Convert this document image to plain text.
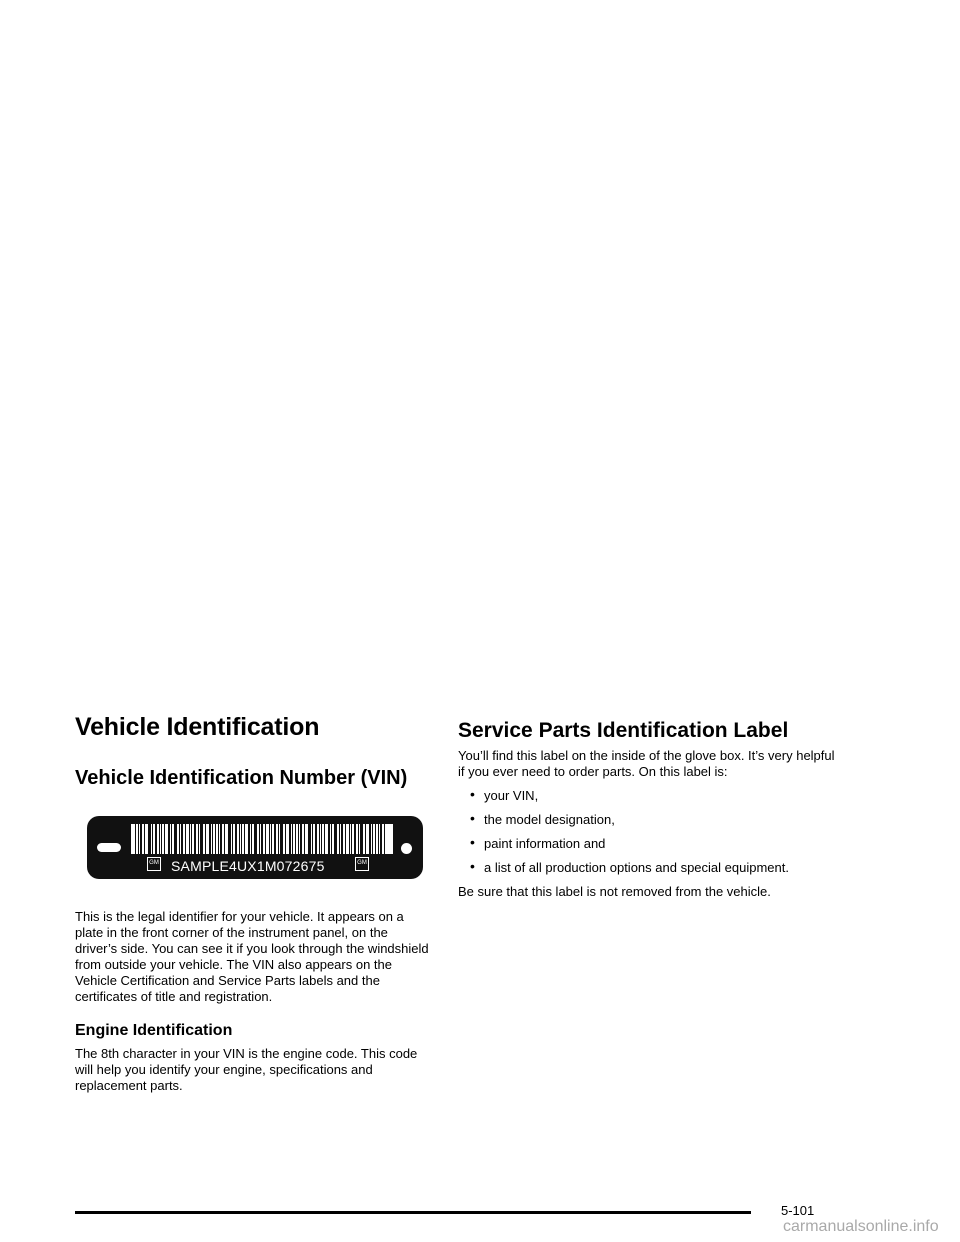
Vehicle Identification
Vehicle Identification Number (VIN)
GM SAMPLE4UX1M072675	GM

This is the legal identifier for your vehicle. It appears on a plate in the front corner of the instrument panel, on the driver’s side. You can see it if you look through the windshield from outside your vehicle. The VIN also appears on the Vehicle Certification and Service Parts labels and the certificates of title and registration.

Engine Identification

The 8th character in your VIN is the engine code. This code will help you identify your engine, specifications and replacement parts.

Service Parts Identification Label

You’ll find this label on the inside of the glove box. It’s very helpful if you ever need to order parts. On this label is:

• your VIN,
• the model designation,
• paint information and
• a list of all production options and special equipment.

Be sure that this label is not removed from the vehicle.

5-101
carmanualsonline.info
